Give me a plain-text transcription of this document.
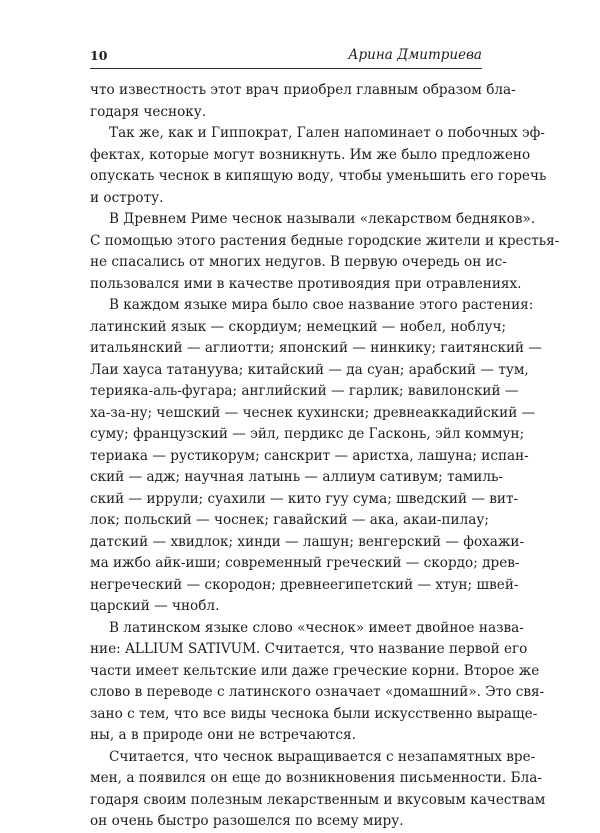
10	Арина Дмитриева

что известность этот врач приобрел главным образом бла-
годаря чесноку.

Так же, как и Гиппократ, Гален напоминает о побочных эф-
фектах, которые могут возникнуть. Им же было предложено
опускать чеснок в кипящую воду, чтобы уменьшить его горечь
и остроту.

В Древнем Риме чеснок называли «лекарством бедняков».
С помощью этого растения бедные городские жители и крестья-
не спасались от многих недугов. В первую очередь он ис-
пользовался ими в качестве противоядия при отравлениях.

В каждом языке мира было свое название этого растения:
латинский язык — скордиум; немецкий — нобел, ноблуч;
итальянский — аглиотти; японский — нинкику; гаитянский —
Лаи хауса татануува; китайский — да суан; арабский — тум,
терияка-аль-фугара; английский — гарлик; вавилонский —
ха-за-ну; чешский — чеснек кухински; древнеаккадийский —
суму; французский — эйл, пердикс де Гасконь, эйл коммун;
териака — рустикорум; санскрит — аристха, лашуна; испан-
ский — адж; научная латынь — аллиум сативум; тамиль-
ский — иррули; суахили — кито гуу сума; шведский — вит-
лок; польский — чоснек; гавайский — ака, акаи-пилау;
датский — хвидлок; хинди — лашун; венгерский — фохажи-
ма ижбо айк-иши; современный греческий — скордо; древ-
негреческий — скородон; древнеегипетский — хтун; швей-
царский — чнобл.

В латинском языке слово «чеснок» имеет двойное назва-
ние: ALLIUM SATIVUM. Считается, что название первой его
части имеет кельтские или даже греческие корни. Второе же
слово в переводе с латинского означает «домашний». Это свя-
зано с тем, что все виды чеснока были искусственно выраще-
ны, а в природе они не встречаются.

Считается, что чеснок выращивается с незапамятных вре-
мен, а появился он еще до возникновения письменности. Бла-
годаря своим полезным лекарственным и вкусовым качествам
он очень быстро разошелся по всему миру.
